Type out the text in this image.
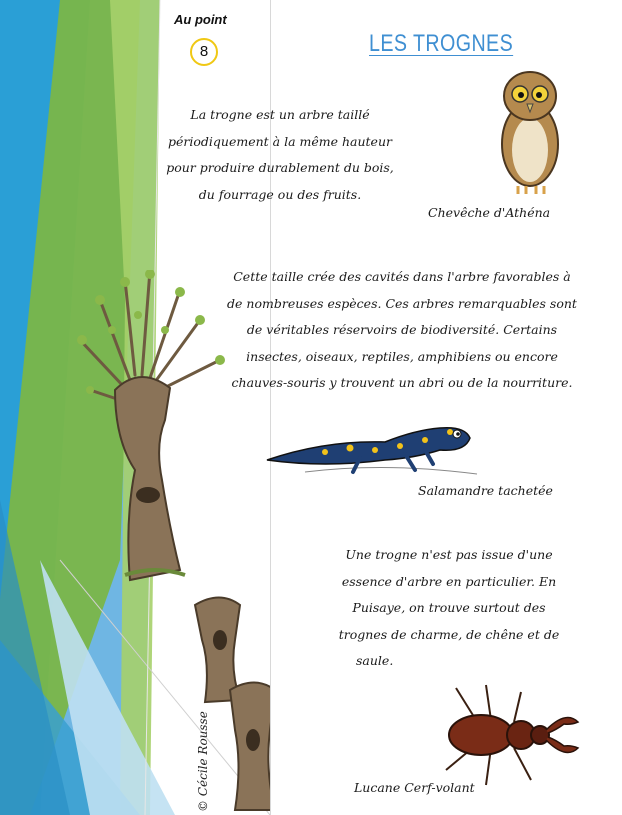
Au point
8	LES TROGNES
La trogne est un arbre taillé
périodiquement à la même hauteur
pour produire durablement du bois,
du fourrage ou des fruits.
Cette taille crée des cavités dans l'arbre favorables à
de nombreuses espèces. Ces arbres remarquables sont
de véritables réservoirs de biodiversité. Certains
insectes, oiseaux, reptiles, amphibiens ou encore
chauves-souris y trouvent un abri ou de la nourriture.
Une trogne n'est pas issue d'une
essence d'arbre en particulier. En
Puisaye, on trouve surtout des
trognes de charme, de chêne et de
saule.
Chevêche d'Athéna
Salamandre tachetée
Lucane Cerf-volant
© Cécile Rousse
